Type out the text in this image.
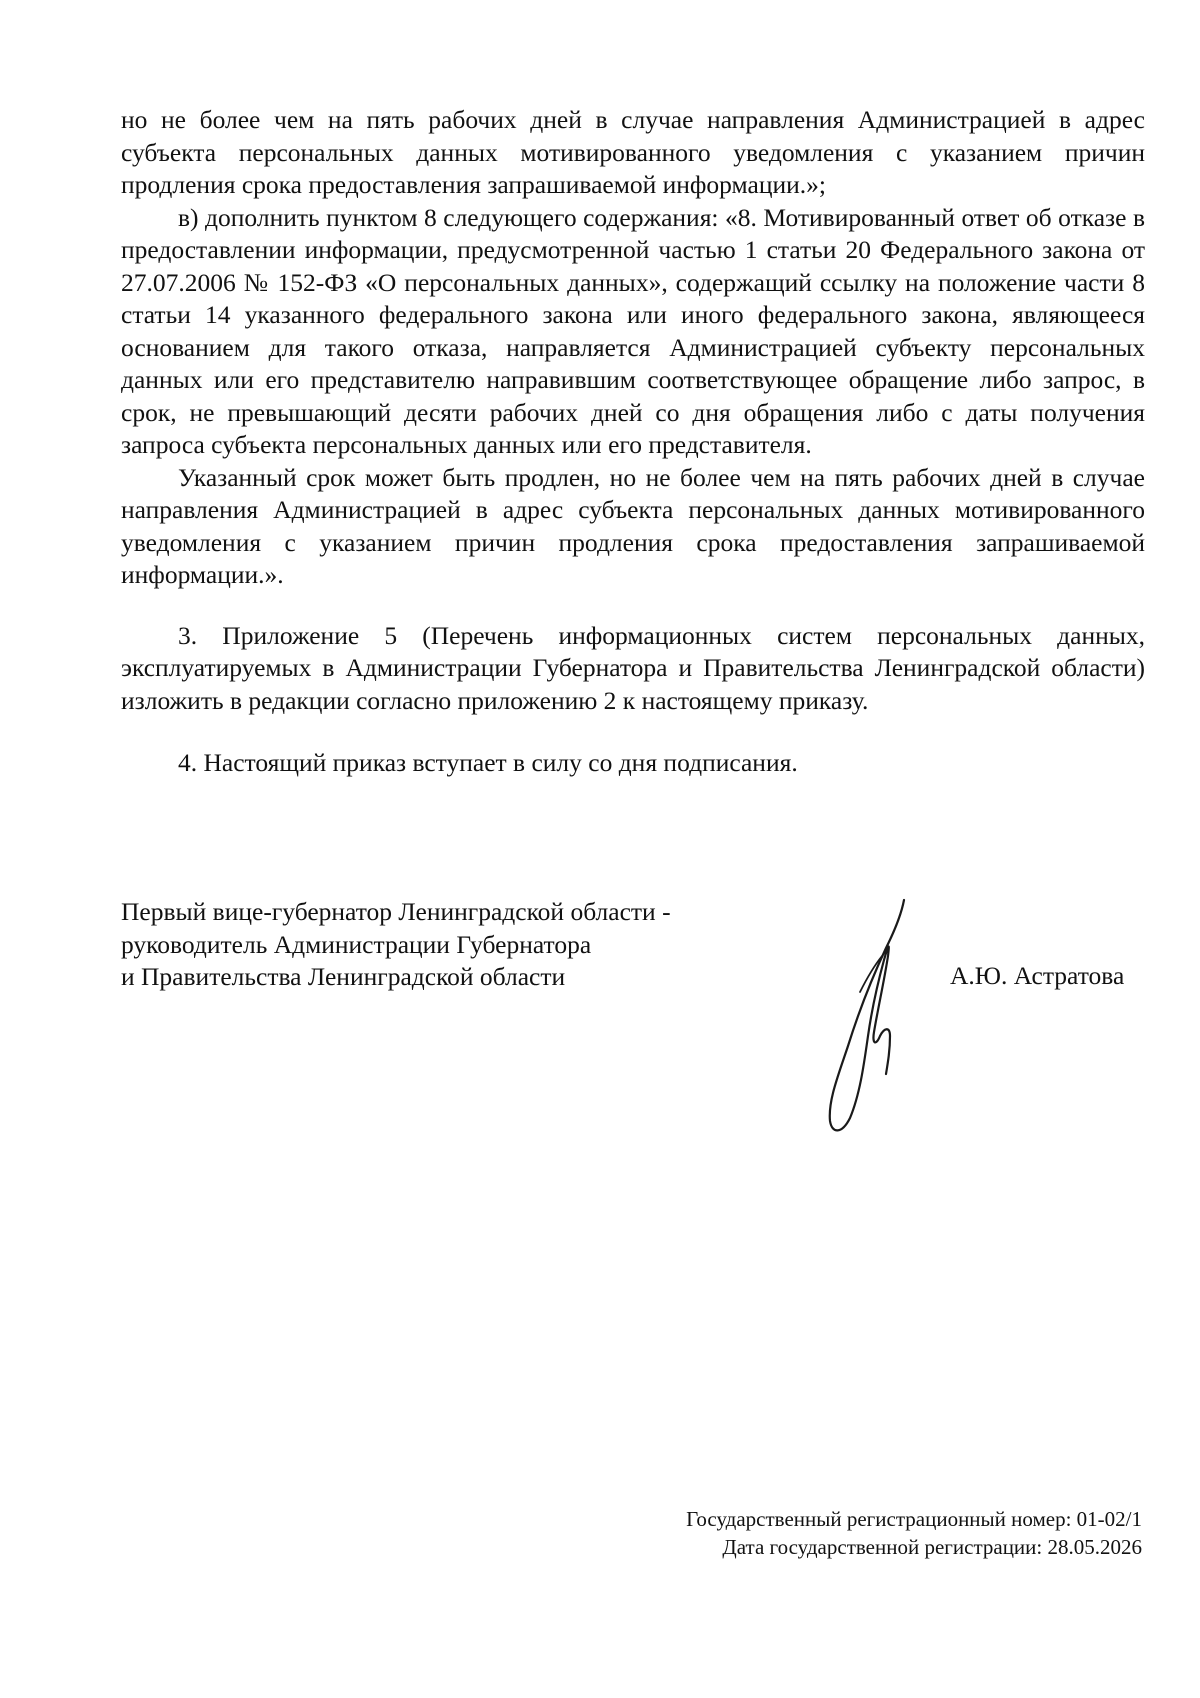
но не более чем на пять рабочих дней в случае направления Администрацией в адрес субъекта персональных данных мотивированного уведомления с указанием причин продления срока предоставления запрашиваемой информации.»;

в) дополнить пунктом 8 следующего содержания: «8. Мотивированный ответ об отказе в предоставлении информации, предусмотренной частью 1 статьи 20 Федерального закона от 27.07.2006 № 152-ФЗ «О персональных данных», содержащий ссылку на положение части 8 статьи 14 указанного федерального закона или иного федерального закона, являющееся основанием для такого отказа, направляется Администрацией субъекту персональных данных или его представителю направившим соответствующее обращение либо запрос, в срок, не превышающий десяти рабочих дней со дня обращения либо с даты получения запроса субъекта персональных данных или его представителя.

Указанный срок может быть продлен, но не более чем на пять рабочих дней в случае направления Администрацией в адрес субъекта персональных данных мотивированного уведомления с указанием причин продления срока предоставления запрашиваемой информации.».

3. Приложение 5 (Перечень информационных систем персональных данных, эксплуатируемых в Администрации Губернатора и Правительства Ленинградской области) изложить в редакции согласно приложению 2 к настоящему приказу.

4. Настоящий приказ вступает в силу со дня подписания.

Первый вице-губернатор Ленинградской области -
руководитель Администрации Губернатора
и Правительства Ленинградской области	А.Ю. Астратова
Государственный регистрационный номер: 01-02/1
Дата государственной регистрации: 28.05.2026
